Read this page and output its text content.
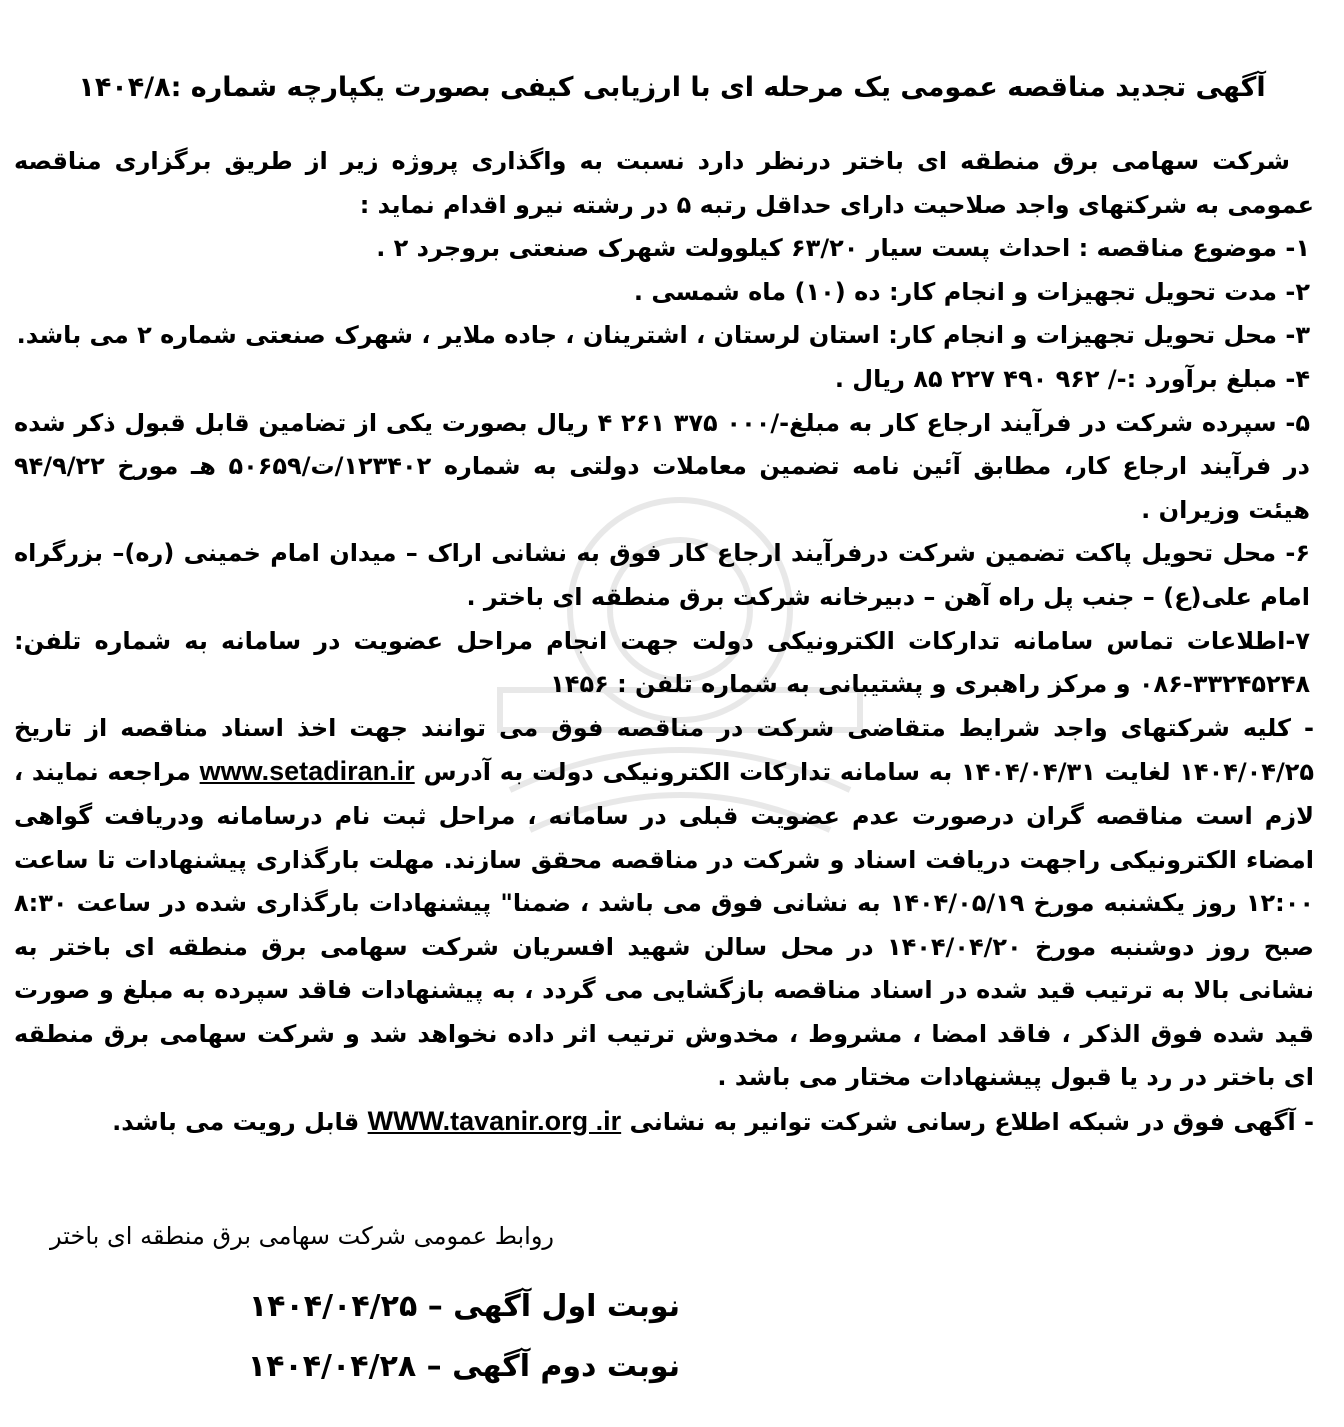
آگهی تجدید مناقصه عمومی یک مرحله ای با ارزیابی کیفی بصورت یکپارچه شماره :۱۴۰۴/۸

شرکت سهامی برق منطقه ای باختر درنظر دارد نسبت به واگذاری پروژه زیر از طریق برگزاری مناقصه عمومی به شرکتهای واجد صلاحیت دارای حداقل رتبه ۵ در رشته نیرو اقدام نماید :

۱- موضوع مناقصه : احداث پست سیار ۶۳/۲۰ کیلوولت شهرک صنعتی بروجرد ۲ .

۲- مدت تحویل تجهیزات و انجام کار: ده (۱۰) ماه شمسی .

۳- محل تحویل تجهیزات و انجام کار: استان لرستان ، اشترینان ، جاده ملایر ، شهرک صنعتی شماره ۲ می باشد.

۴- مبلغ برآورد :-/ ۹۶۲ ۴۹۰ ۲۲۷ ۸۵ ریال .

۵- سپرده شرکت در فرآیند ارجاع کار به مبلغ-/۰۰۰ ۳۷۵ ۲۶۱ ۴ ریال بصورت یکی از تضامین قابل قبول ذکر شده در فرآیند ارجاع کار، مطابق آئین نامه تضمین معاملات دولتی به شماره ۱۲۳۴۰۲/ت/۵۰۶۵۹ هـ مورخ ۹۴/۹/۲۲ هیئت وزیران .

۶- محل تحویل پاکت تضمین شرکت درفرآیند ارجاع کار فوق به نشانی اراک – میدان امام خمینی (ره)– بزرگراه امام علی(ع) – جنب پل راه آهن – دبیرخانه شرکت برق منطقه ای باختر .

۷-اطلاعات تماس سامانه تدارکات الکترونیکی دولت جهت انجام مراحل عضویت در سامانه به شماره تلفن: ۳۳۲۴۵۲۴۸-۰۸۶ و مرکز راهبری و پشتیبانی به شماره تلفن : ۱۴۵۶

- کلیه شرکتهای واجد شرایط متقاضی شرکت در مناقصه فوق می توانند جهت اخذ اسناد مناقصه از تاریخ ۱۴۰۴/۰۴/۲۵ لغایت ۱۴۰۴/۰۴/۳۱ به سامانه تدارکات الکترونیکی دولت به آدرس www.setadiran.ir مراجعه نمایند ، لازم است مناقصه گران درصورت عدم عضویت قبلی در سامانه ، مراحل ثبت نام درسامانه ودریافت گواهی امضاء الکترونیکی راجهت دریافت اسناد و شرکت در مناقصه محقق سازند. مهلت بارگذاری پیشنهادات تا ساعت ۱۲:۰۰ روز یکشنبه مورخ ۱۴۰۴/۰۵/۱۹ به نشانی فوق می باشد ، ضمنا" پیشنهادات بارگذاری شده در ساعت ۸:۳۰ صبح روز دوشنبه مورخ ۱۴۰۴/۰۴/۲۰ در محل سالن شهید افسریان شرکت سهامی برق منطقه ای باختر به نشانی بالا به ترتیب قید شده در اسناد مناقصه بازگشایی می گردد ، به پیشنهادات فاقد سپرده به مبلغ و صورت قید شده فوق الذکر ، فاقد امضا ، مشروط ، مخدوش ترتیب اثر داده نخواهد شد و شرکت سهامی برق منطقه ای باختر در رد یا قبول پیشنهادات مختار می باشد .

- آگهی فوق در شبکه اطلاع رسانی شرکت توانیر به نشانی WWW.tavanir.org .ir قابل رویت می باشد.

روابط عمومی شرکت سهامی برق منطقه ای باختر
نوبت اول آگهی – ۱۴۰۴/۰۴/۲۵
نوبت دوم آگهی – ۱۴۰۴/۰۴/۲۸
